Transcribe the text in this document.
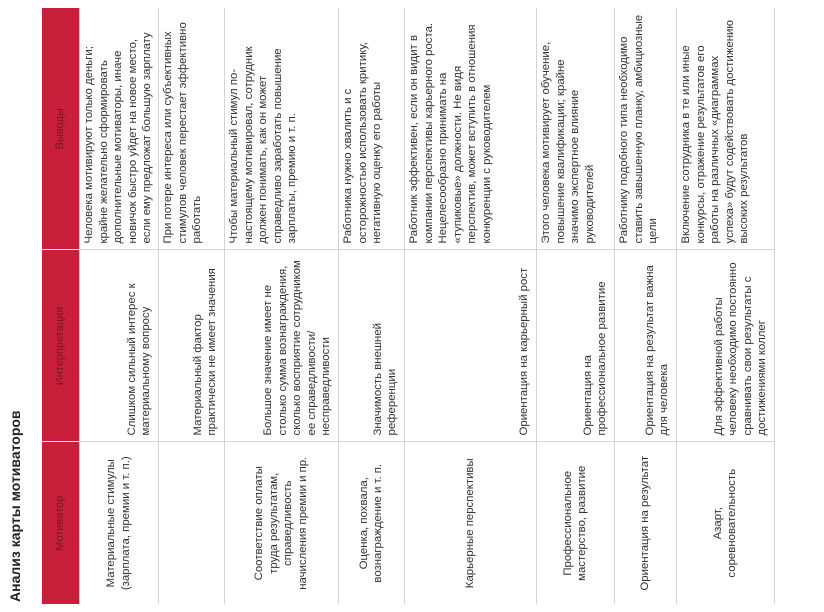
Анализ карты мотиваторов	Мотиватор	Интерпретация	Выводы
Материальные стимулы (зарплата, премии и т. п.)	Слишком сильный интерес к материальному вопросу	Человека мотивируют только деньги; крайне желательно сформировать дополнительные мотиваторы, иначе новичок быстро уйдет на новое место, если ему предложат большую зарплату
	Материальный фактор практически не имеет значения	При потере интереса или субъективных стимулов человек перестает эффективно работать
Соответствие оплаты труда результатам, справедливость начисления премии и пр.	Большое значение имеет не столько сумма вознаграждения, сколько восприятие сотрудником ее справедливости/ несправедливости	Чтобы материальный стимул по-настоящему мотивировал, сотрудник должен понимать, как он может справедливо заработать повышение зарплаты, премию и т. п.
Оценка, похвала, вознаграждение и т. п.	Значимость внешней референции	Работника нужно хвалить и с осторожностью использовать критику, негативную оценку его работы
Карьерные перспективы	Ориентация на карьерный рост	Работник эффективен, если он видит в компании перспективы карьерного роста. Нецелесообразно принимать на «тупиковые» должности. Не видя перспектив, может вступить в отношения конкуренции с руководителем
Профессиональное мастерство, развитие	Ориентация на профессиональное развитие	Этого человека мотивирует обучение, повышение квалификации; крайне значимо экспертное влияние руководителей
Ориентация на результат	Ориентация на результат важна для человека	Работнику подобного типа необходимо ставить завышенную планку, амбициозные цели
Азарт, соревновательность	Для эффективной работы человеку необходимо постоянно сравнивать свои результаты с достижениями коллег	Включение сотрудника в те или иные конкурсы, отражение результатов его работы на различных «диаграммах успеха» будут содействовать достижению высоких результатов
